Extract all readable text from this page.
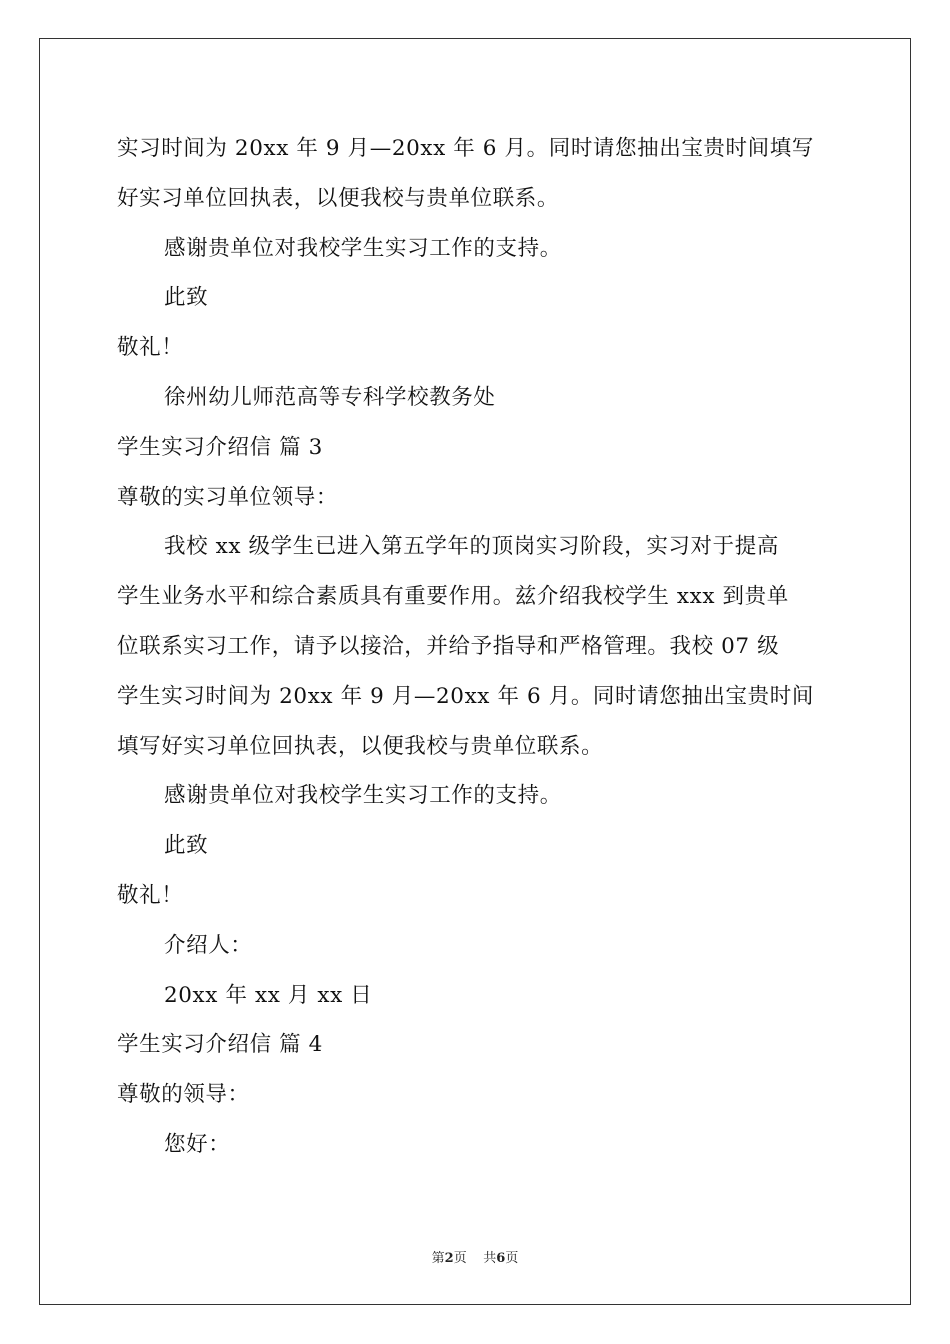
实习时间为 20xx 年 9 月—20xx 年 6 月。同时请您抽出宝贵时间填写
好实习单位回执表，以便我校与贵单位联系。
感谢贵单位对我校学生实习工作的支持。
此致
敬礼！
徐州幼儿师范高等专科学校教务处
学生实习介绍信 篇 3
尊敬的实习单位领导：
我校 xx 级学生已进入第五学年的顶岗实习阶段，实习对于提高
学生业务水平和综合素质具有重要作用。兹介绍我校学生 xxx 到贵单
位联系实习工作，请予以接洽，并给予指导和严格管理。我校 07 级
学生实习时间为 20xx 年 9 月—20xx 年 6 月。同时请您抽出宝贵时间
填写好实习单位回执表，以便我校与贵单位联系。
感谢贵单位对我校学生实习工作的支持。
此致
敬礼！
介绍人：
20xx 年 xx 月 xx 日
学生实习介绍信 篇 4
尊敬的领导：
您好：
第2页 共6页
